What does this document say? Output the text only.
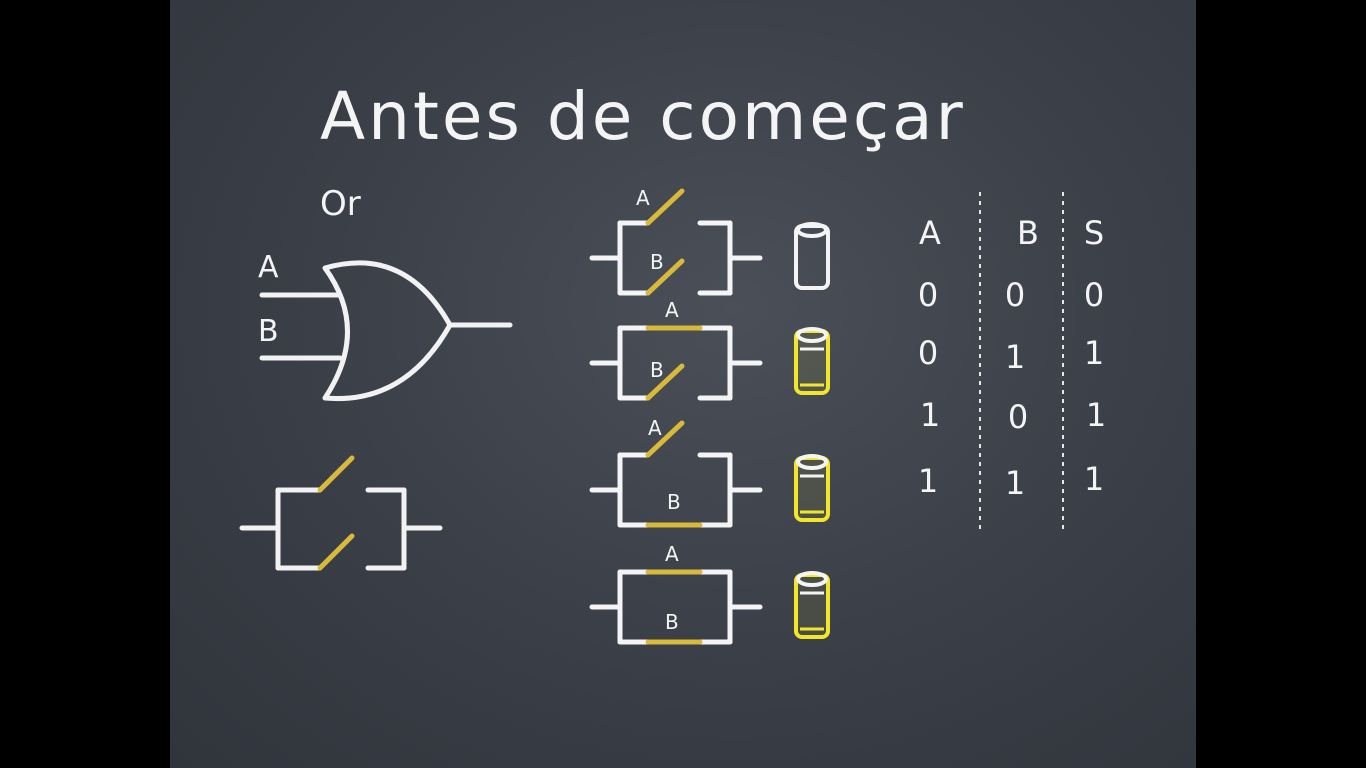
Antes de começar
Or
A
B
A
B
A
B
A
B
A
B
A B	S
0	0	0
0	1	1
1	0	1
1	1	1
